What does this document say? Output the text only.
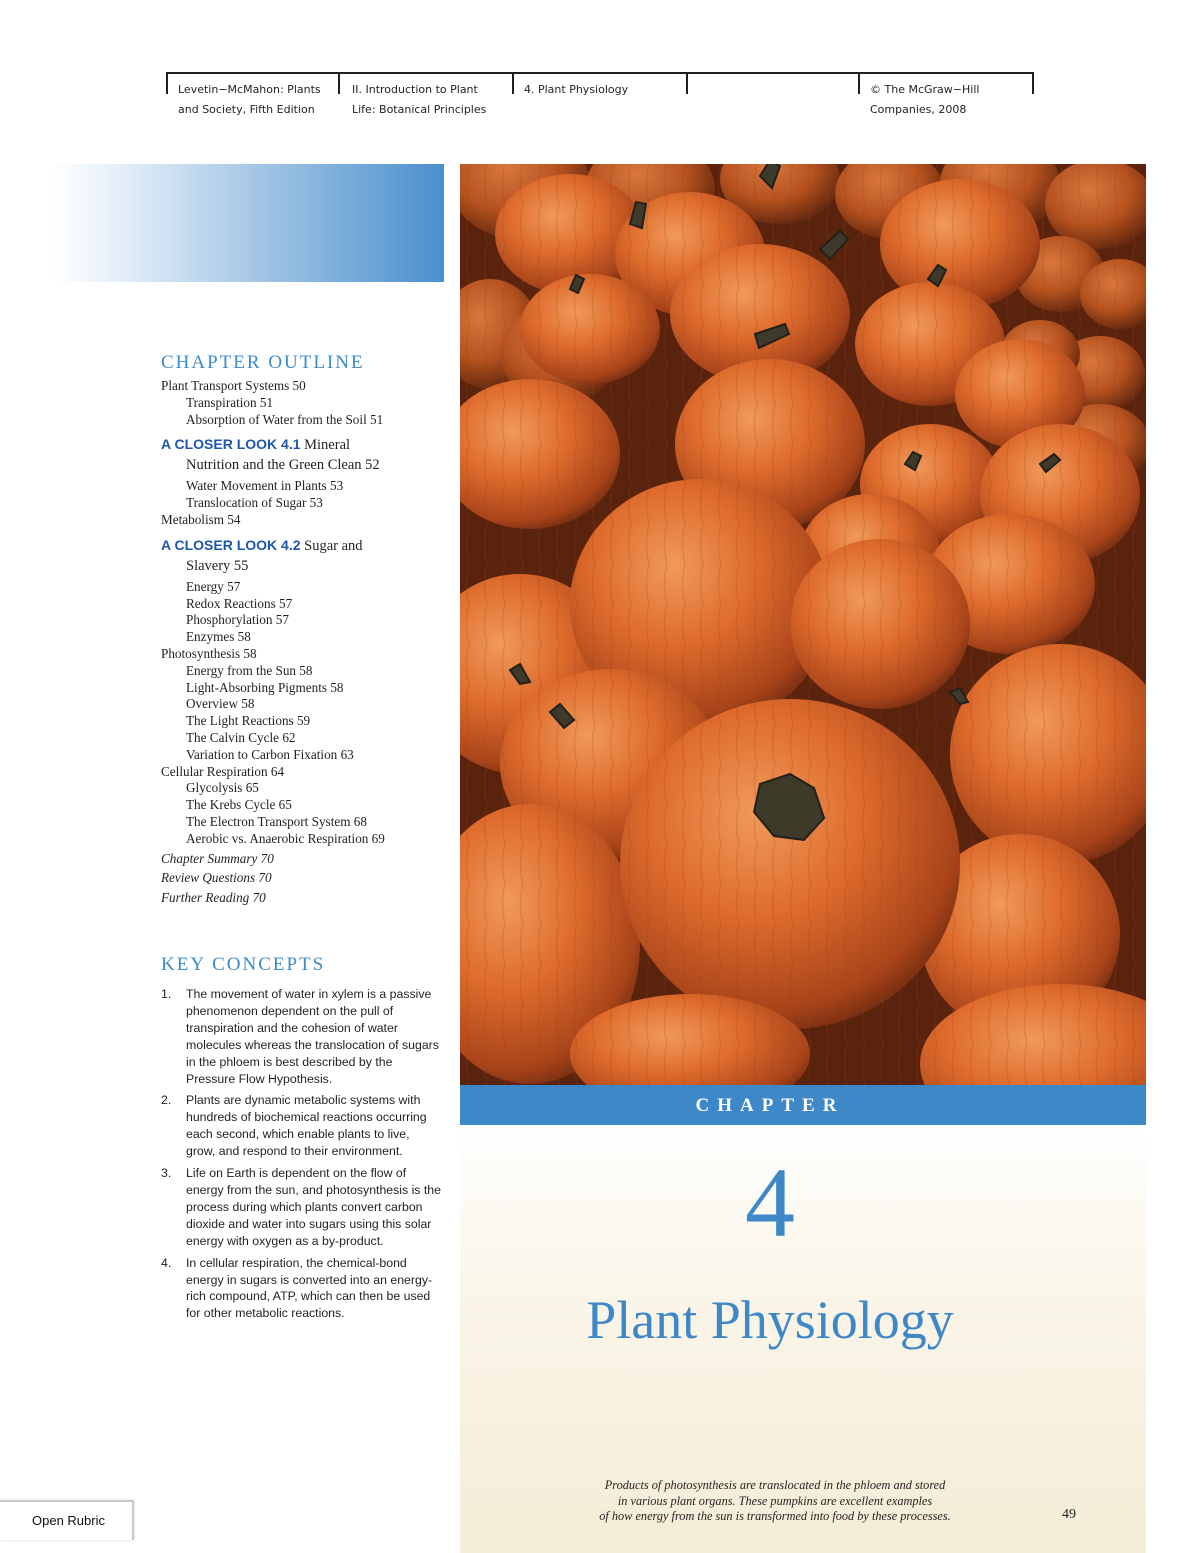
Levetin−McMahon: Plants
and Society, Fifth Edition
II. Introduction to Plant
Life: Botanical Principles
4. Plant Physiology	© The McGraw−Hill
Companies, 2008
CHAPTER OUTLINE
Plant Transport Systems 50
Transpiration 51
Absorption of Water from the Soil 51
A CLOSER LOOK 4.1 Mineral
Nutrition and the Green Clean 52
Water Movement in Plants 53
Translocation of Sugar 53
Metabolism 54
A CLOSER LOOK 4.2 Sugar and
Slavery 55
Energy 57
Redox Reactions 57
Phosphorylation 57
Enzymes 58
Photosynthesis 58
Energy from the Sun 58
Light-Absorbing Pigments 58
Overview 58
The Light Reactions 59
The Calvin Cycle 62
Variation to Carbon Fixation 63
Cellular Respiration 64
Glycolysis 65
The Krebs Cycle 65
The Electron Transport System 68
Aerobic vs. Anaerobic Respiration 69
Chapter Summary 70
Review Questions 70
Further Reading 70
KEY CONCEPTS
1. The movement of water in xylem is a passive phenomenon dependent on the pull of transpiration and the cohesion of water molecules whereas the translocation of sugars in the phloem is best described by the Pressure Flow Hypothesis.
2. Plants are dynamic metabolic systems with hundreds of biochemical reactions occurring each second, which enable plants to live, grow, and respond to their environment.
3. Life on Earth is dependent on the flow of energy from the sun, and photosynthesis is the process during which plants convert carbon dioxide and water into sugars using this solar energy with oxygen as a by-product.
4. In cellular respiration, the chemical-bond energy in sugars is converted into an energy-rich compound, ATP, which can then be used for other metabolic reactions.
CHAPTER
4
Plant Physiology
Products of photosynthesis are translocated in the phloem and stored
in various plant organs. These pumpkins are excellent examples
of how energy from the sun is transformed into food by these processes.	49
Open Rubric
